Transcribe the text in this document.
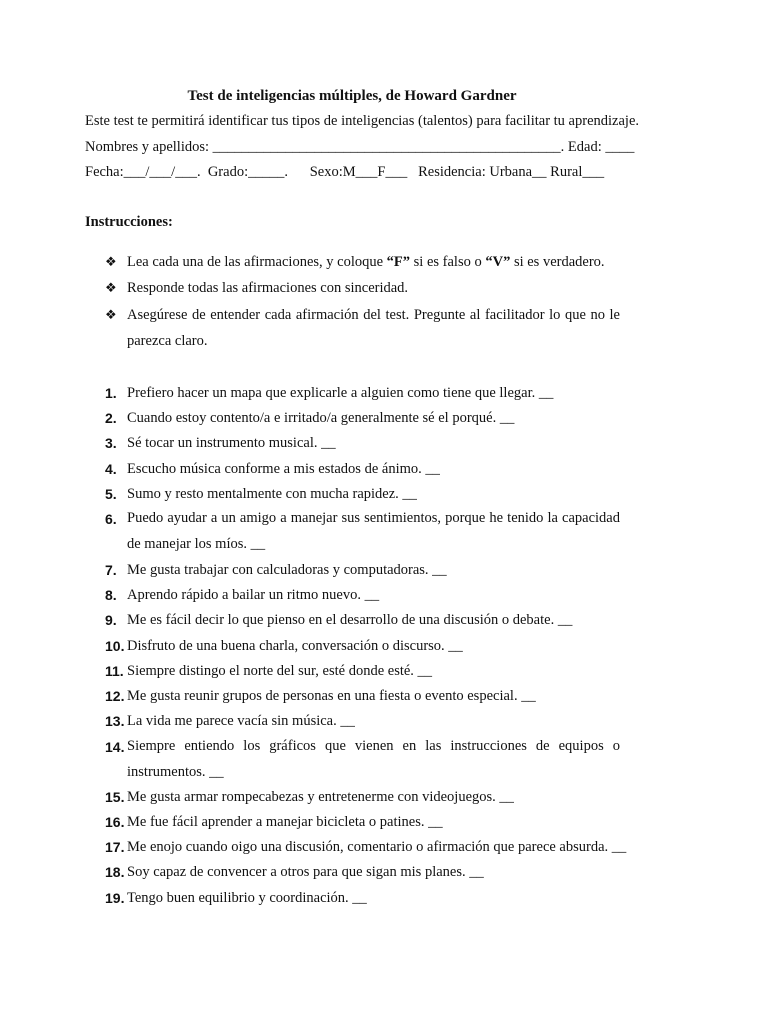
Test de inteligencias múltiples, de Howard Gardner
Este test te permitirá identificar tus tipos de inteligencias (talentos) para facilitar tu aprendizaje.
Nombres y apellidos: ________________________________________________. Edad: ____
Fecha:___/___/___.  Grado:_____.      Sexo:M___F___   Residencia: Urbana__ Rural___
Instrucciones:
❖ Lea cada una de las afirmaciones, y coloque “F” si es falso o “V” si es verdadero.
❖ Responde todas las afirmaciones con sinceridad.
❖ Asegúrese de entender cada afirmación del test. Pregunte al facilitador lo que no le parezca claro.
1. Prefiero hacer un mapa que explicarle a alguien como tiene que llegar. __
2. Cuando estoy contento/a e irritado/a generalmente sé el porqué. __
3. Sé tocar un instrumento musical. __
4. Escucho música conforme a mis estados de ánimo. __
5. Sumo y resto mentalmente con mucha rapidez. __
6. Puedo ayudar a un amigo a manejar sus sentimientos, porque he tenido la capacidad de manejar los míos. __
7. Me gusta trabajar con calculadoras y computadoras. __
8. Aprendo rápido a bailar un ritmo nuevo. __
9. Me es fácil decir lo que pienso en el desarrollo de una discusión o debate. __
10. Disfruto de una buena charla, conversación o discurso. __
11. Siempre distingo el norte del sur, esté donde esté. __
12. Me gusta reunir grupos de personas en una fiesta o evento especial. __
13. La vida me parece vacía sin música. __
14. Siempre entiendo los gráficos que vienen en las instrucciones de equipos o instrumentos. __
15. Me gusta armar rompecabezas y entretenerme con videojuegos. __
16. Me fue fácil aprender a manejar bicicleta o patines. __
17. Me enojo cuando oigo una discusión, comentario o afirmación que parece absurda. __
18. Soy capaz de convencer a otros para que sigan mis planes. __
19. Tengo buen equilibrio y coordinación. __
